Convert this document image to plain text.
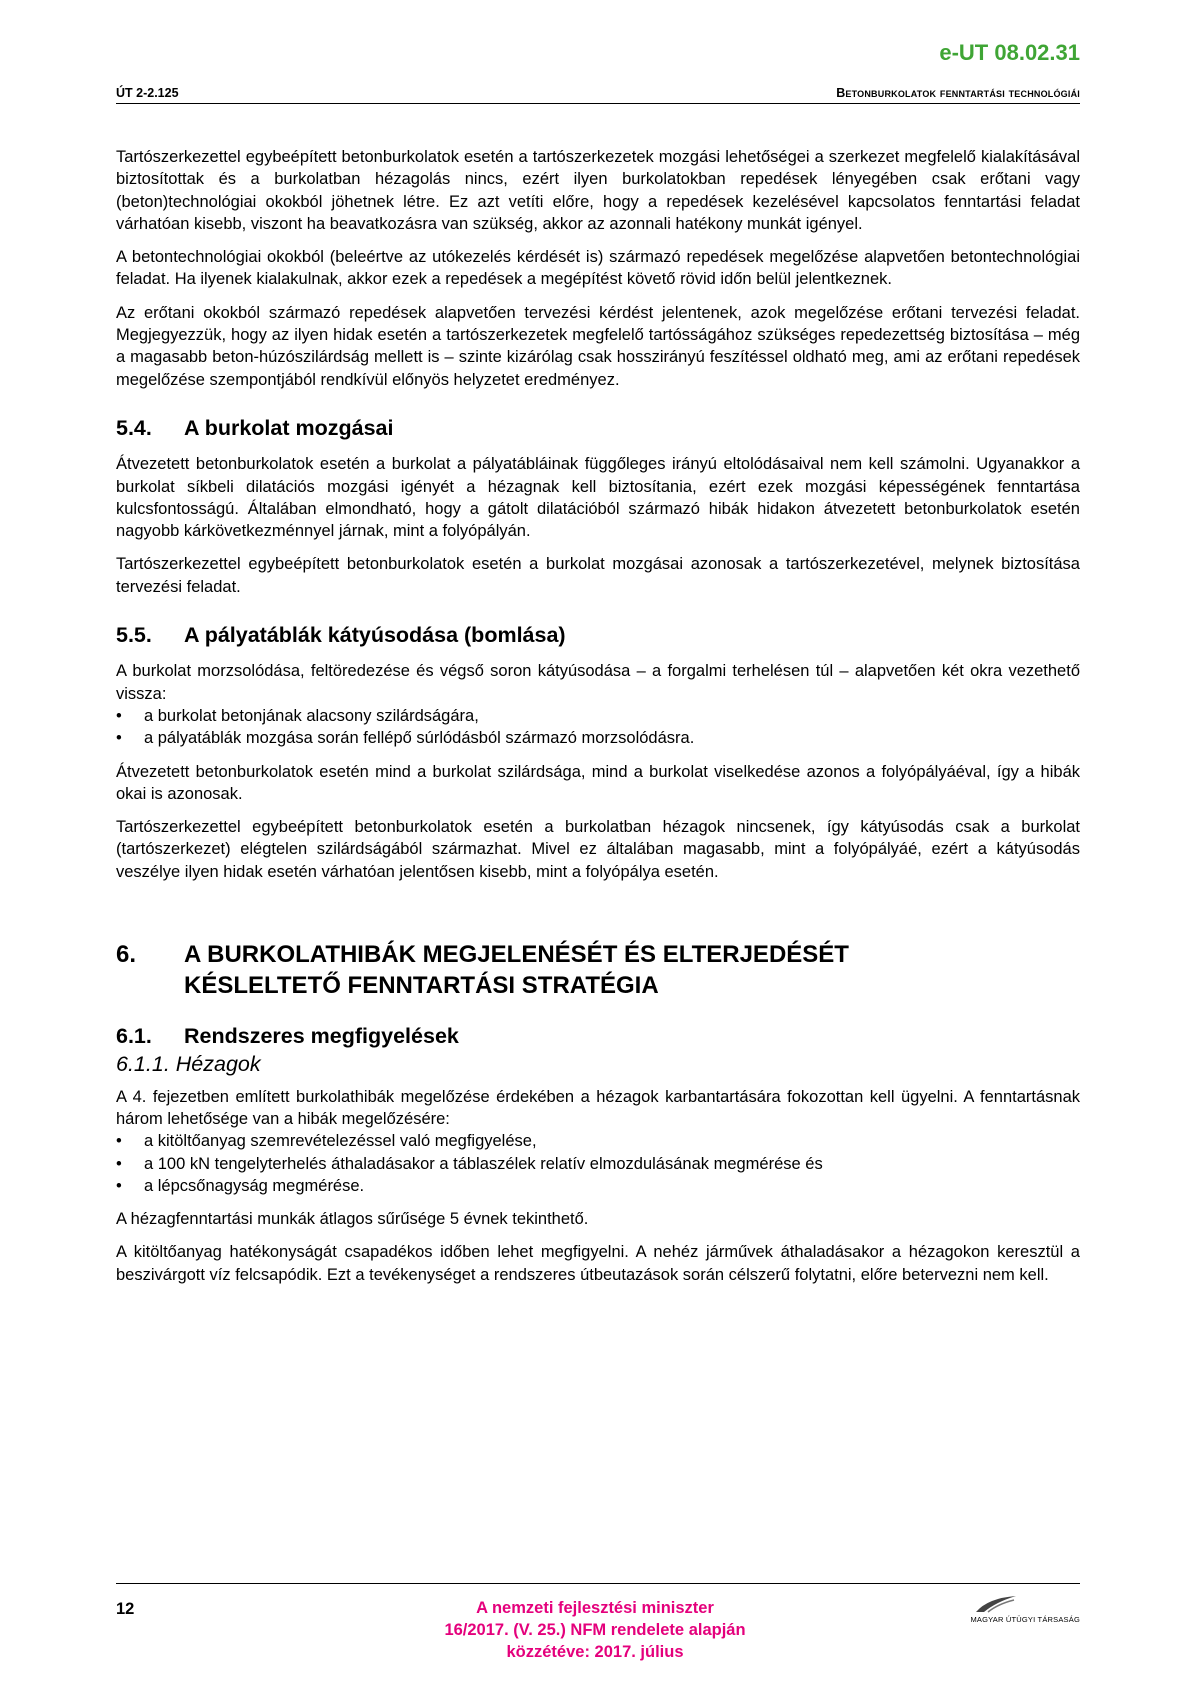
e-UT 08.02.31
ÚT 2-2.125	Betonburkolatok fenntartási technológiái

Tartószerkezettel egybeépített betonburkolatok esetén a tartószerkezetek mozgási lehetőségei a szerkezet megfelelő kialakításával biztosítottak és a burkolatban hézagolás nincs, ezért ilyen burkolatokban repedések lényegében csak erőtani vagy (beton)technológiai okokból jöhetnek létre. Ez azt vetíti előre, hogy a repedések kezelésével kapcsolatos fenntartási feladat várhatóan kisebb, viszont ha beavatkozásra van szükség, akkor az azonnali hatékony munkát igényel.

A betontechnológiai okokból (beleértve az utókezelés kérdését is) származó repedések megelőzése alapvetően betontechnológiai feladat. Ha ilyenek kialakulnak, akkor ezek a repedések a megépítést követő rövid időn belül jelentkeznek.

Az erőtani okokból származó repedések alapvetően tervezési kérdést jelentenek, azok megelőzése erőtani tervezési feladat. Megjegyezzük, hogy az ilyen hidak esetén a tartószerkezetek megfelelő tartósságához szükséges repedezettség biztosítása – még a magasabb beton-húzószilárdság mellett is – szinte kizárólag csak hosszirányú feszítéssel oldható meg, ami az erőtani repedések megelőzése szempontjából rendkívül előnyös helyzetet eredményez.

5.4.	A burkolat mozgásai

Átvezetett betonburkolatok esetén a burkolat a pályatábláinak függőleges irányú eltolódásaival nem kell számolni. Ugyanakkor a burkolat síkbeli dilatációs mozgási igényét a hézagnak kell biztosítania, ezért ezek mozgási képességének fenntartása kulcsfontosságú. Általában elmondható, hogy a gátolt dilatációból származó hibák hidakon átvezetett betonburkolatok esetén nagyobb kárkövetkezménnyel járnak, mint a folyópályán.

Tartószerkezettel egybeépített betonburkolatok esetén a burkolat mozgásai azonosak a tartószerkezetével, melynek biztosítása tervezési feladat.

5.5.	A pályatáblák kátyúsodása (bomlása)

A burkolat morzsolódása, feltöredezése és végső soron kátyúsodása – a forgalmi terhelésen túl – alapvetően két okra vezethető vissza:

•	a burkolat betonjának alacsony szilárdságára,
•	a pályatáblák mozgása során fellépő súrlódásból származó morzsolódásra.

Átvezetett betonburkolatok esetén mind a burkolat szilárdsága, mind a burkolat viselkedése azonos a folyópályáéval, így a hibák okai is azonosak.

Tartószerkezettel egybeépített betonburkolatok esetén a burkolatban hézagok nincsenek, így kátyúsodás csak a burkolat (tartószerkezet) elégtelen szilárdságából származhat. Mivel ez általában magasabb, mint a folyópályáé, ezért a kátyúsodás veszélye ilyen hidak esetén várhatóan jelentősen kisebb, mint a folyópálya esetén.

6.	A BURKOLATHIBÁK MEGJELENÉSÉT ÉS ELTERJEDÉSÉT
KÉSLELTETŐ FENNTARTÁSI STRATÉGIA
6.1.	Rendszeres megfigyelések
6.1.1. Hézagok

A 4. fejezetben említett burkolathibák megelőzése érdekében a hézagok karbantartására fokozottan kell ügyelni. A fenntartásnak három lehetősége van a hibák megelőzésére:

•	a kitöltőanyag szemrevételezéssel való megfigyelése,
•	a 100 kN tengelyterhelés áthaladásakor a táblaszélek relatív elmozdulásának megmérése és
•	a lépcsőnagyság megmérése.

A hézagfenntartási munkák átlagos sűrűsége 5 évnek tekinthető.

A kitöltőanyag hatékonyságát csapadékos időben lehet megfigyelni. A nehéz járművek áthaladásakor a hézagokon keresztül a beszivárgott víz felcsapódik. Ezt a tevékenységet a rendszeres útbeutazások során célszerű folytatni, előre betervezni nem kell.

12	A nemzeti fejlesztési miniszter
16/2017. (V. 25.) NFM rendelete alapján
közzétéve: 2017. július
MAGYAR ÚTÜGYI TÁRSASÁG
